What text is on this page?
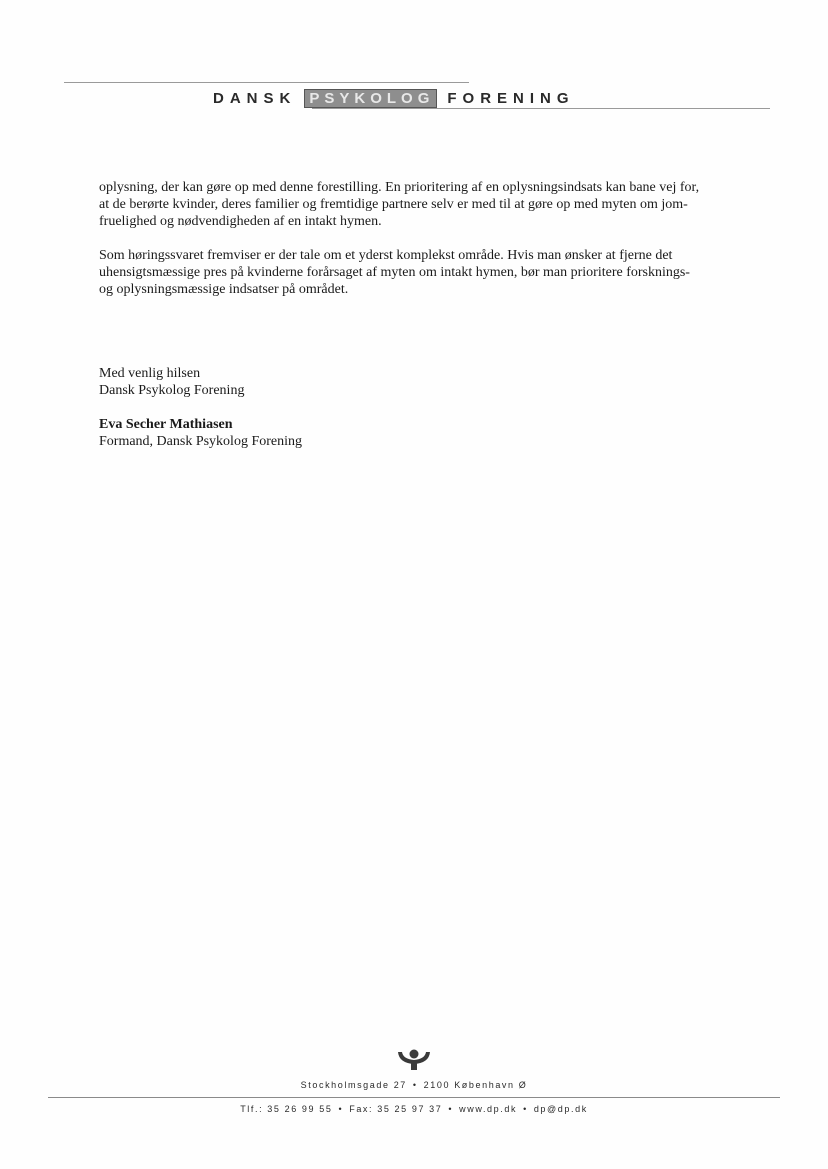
DANSK PSYKOLOG FORENING

oplysning, der kan gøre op med denne forestilling. En prioritering af en oplysningsindsats kan bane vej for,
at de berørte kvinder, deres familier og fremtidige partnere selv er med til at gøre op med myten om jom-
fruelighed og nødvendigheden af en intakt hymen.

Som høringssvaret fremviser er der tale om et yderst komplekst område. Hvis man ønsker at fjerne det
uhensigtsmæssige pres på kvinderne forårsaget af myten om intakt hymen, bør man prioritere forsknings-
og oplysningsmæssige indsatser på området.

Med venlig hilsen
Dansk Psykolog Forening

Eva Secher Mathiasen
Formand, Dansk Psykolog Forening

Stockholmsgade 27 • 2100 København Ø
Tlf.: 35 26 99 55 • Fax: 35 25 97 37 • www.dp.dk • dp@dp.dk
